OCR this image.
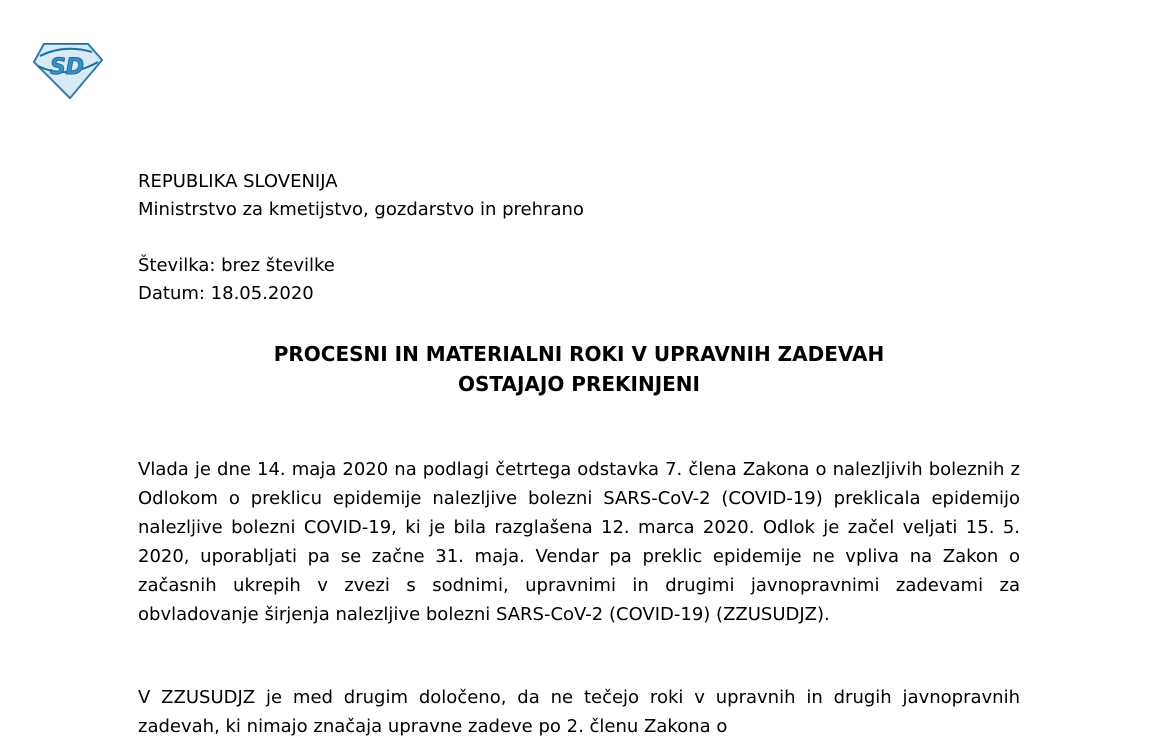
SD
REPUBLIKA SLOVENIJA
Ministrstvo za kmetijstvo, gozdarstvo in prehrano
Številka: brez številke
Datum: 18.05.2020
PROCESNI IN MATERIALNI ROKI V UPRAVNIH ZADEVAH
OSTAJAJO PREKINJENI

Vlada je dne 14. maja 2020 na podlagi četrtega odstavka 7. člena Zakona o nalezljivih boleznih z Odlokom o preklicu epidemije nalezljive bolezni SARS-CoV-2 (COVID-19) preklicala epidemijo nalezljive bolezni COVID-19, ki je bila razglašena 12. marca 2020. Odlok je začel veljati 15. 5. 2020, uporabljati pa se začne 31. maja. Vendar pa preklic epidemije ne vpliva na Zakon o začasnih ukrepih v zvezi s sodnimi, upravnimi in drugimi javnopravnimi zadevami za obvladovanje širjenja nalezljive bolezni SARS-CoV-2 (COVID-19) (ZZUSUDJZ).

V ZZUSUDJZ je med drugim določeno, da ne tečejo roki v upravnih in drugih javnopravnih zadevah, ki nimajo značaja upravne zadeve po 2. členu Zakona o
